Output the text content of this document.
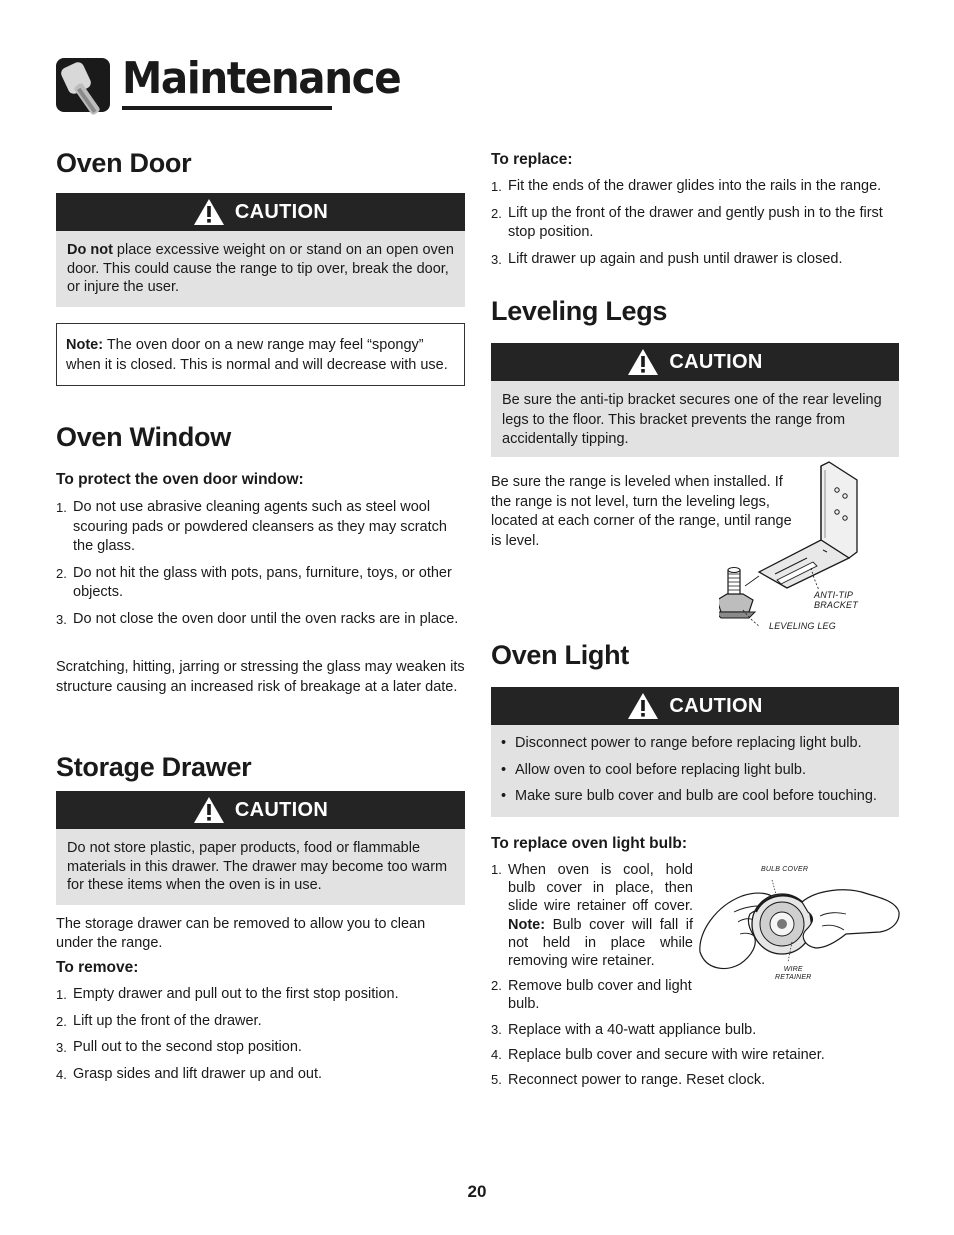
Maintenance
Oven Door
CAUTION
Do not place excessive weight on or stand on an open oven door. This could cause the range to tip over, break the door, or injure the user.
Note: The oven door on a new range may feel “spongy” when it is closed. This is normal and will decrease with use.
Oven Window
To protect the oven door window:
1. Do not use abrasive cleaning agents such as steel wool scouring pads or powdered cleansers as they may scratch the glass.
2. Do not hit the glass with pots, pans, furniture, toys, or other objects.
3. Do not close the oven door until the oven racks are in place.

Scratching, hitting, jarring or stressing the glass may weaken its structure causing an increased risk of breakage at a later date.

Storage Drawer
CAUTION
Do not store plastic, paper products, food or flammable materials in this drawer. The drawer may become too warm for these items when the oven is in use.

The storage drawer can be removed to allow you to clean under the range.

To remove:
1. Empty drawer and pull out to the first stop position.
2. Lift up the front of the drawer.
3. Pull out to the second stop position.
4. Grasp sides and lift drawer up and out.
To replace:
1. Fit the ends of the drawer glides into the rails in the range.
2. Lift up the front of the drawer and gently push in to the first stop position.
3. Lift drawer up again and push until drawer is closed.
Leveling Legs
CAUTION
Be sure the anti-tip bracket secures one of the rear leveling legs to the floor. This bracket prevents the range from accidentally tipping.

Be sure the range is leveled when installed. If the range is not level, turn the leveling legs, located at each corner of the range, until range is level.

ANTI-TIP BRACKET
LEVELING LEG
Oven Light
CAUTION
• Disconnect power to range before replacing light bulb.
• Allow oven to cool before replacing light bulb.
• Make sure bulb cover and bulb are cool before touching.
To replace oven light bulb:
1. When oven is cool, hold bulb cover in place, then slide wire retainer off cover. Note: Bulb cover will fall if not held in place while removing wire retainer.
2. Remove bulb cover and light bulb.
3. Replace with a 40-watt appliance bulb.
4. Replace bulb cover and secure with wire retainer.
5. Reconnect power to range. Reset clock.
BULB COVER
WIRE
RETAINER
20
